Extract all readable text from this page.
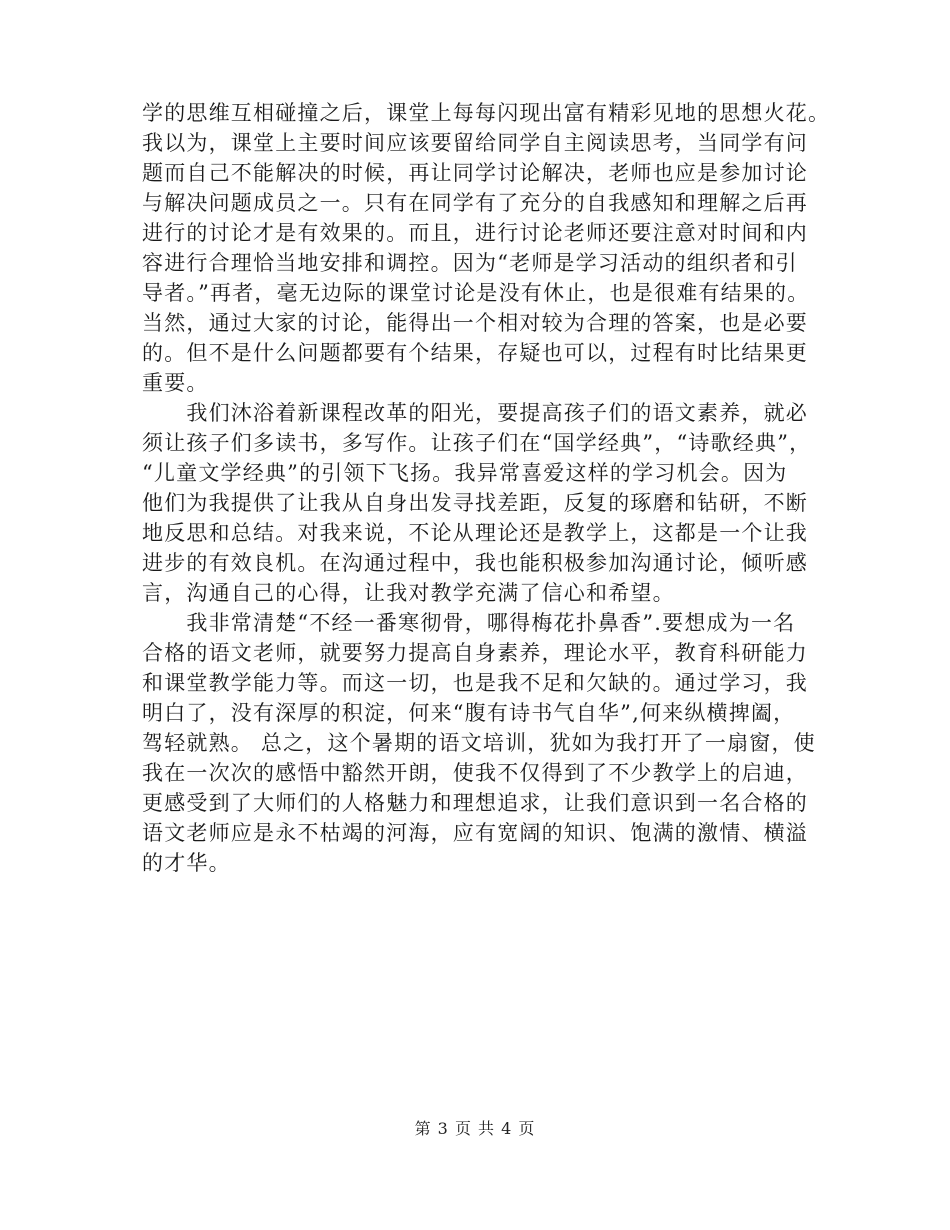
学的思维互相碰撞之后，课堂上每每闪现出富有精彩见地的思想火花。
我以为，课堂上主要时间应该要留给同学自主阅读思考，当同学有问
题而自己不能解决的时候，再让同学讨论解决，老师也应是参加讨论
与解决问题成员之一。只有在同学有了充分的自我感知和理解之后再
进行的讨论才是有效果的。而且，进行讨论老师还要注意对时间和内
容进行合理恰当地安排和调控。因为“老师是学习活动的组织者和引
导者。”再者，毫无边际的课堂讨论是没有休止，也是很难有结果的。
当然，通过大家的讨论，能得出一个相对较为合理的答案，也是必要
的。但不是什么问题都要有个结果，存疑也可以，过程有时比结果更
重要。
　　我们沐浴着新课程改革的阳光，要提高孩子们的语文素养，就必
须让孩子们多读书，多写作。让孩子们在“国学经典”，“诗歌经典”，
“儿童文学经典”的引领下飞扬。我异常喜爱这样的学习机会。因为
他们为我提供了让我从自身出发寻找差距，反复的琢磨和钻研，不断
地反思和总结。对我来说，不论从理论还是教学上，这都是一个让我
进步的有效良机。在沟通过程中，我也能积极参加沟通讨论，倾听感
言，沟通自己的心得，让我对教学充满了信心和希望。
　　我非常清楚“不经一番寒彻骨，哪得梅花扑鼻香”.要想成为一名
合格的语文老师，就要努力提高自身素养，理论水平，教育科研能力
和课堂教学能力等。而这一切，也是我不足和欠缺的。通过学习，我
明白了，没有深厚的积淀，何来“腹有诗书气自华”,何来纵横捭阖，
驾轻就熟。 总之，这个暑期的语文培训，犹如为我打开了一扇窗，使
我在一次次的感悟中豁然开朗，使我不仅得到了不少教学上的启迪，
更感受到了大师们的人格魅力和理想追求，让我们意识到一名合格的
语文老师应是永不枯竭的河海，应有宽阔的知识、饱满的激情、横溢
的才华。
第 3 页 共 4 页
